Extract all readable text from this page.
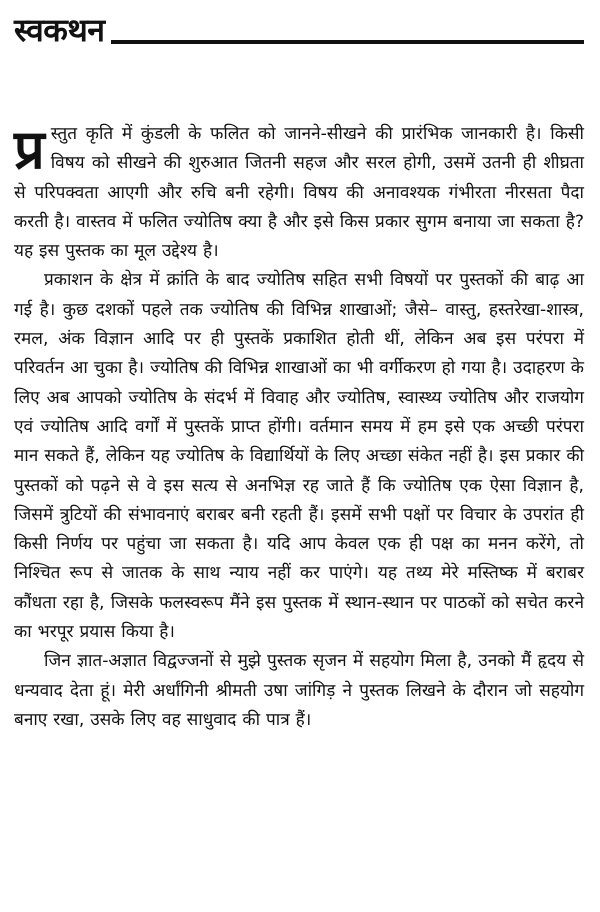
स्वकथन

प्र स्तुत कृति में कुंडली के फलित को जानने-सीखने की प्रारंभिक जानकारी है। किसी विषय को सीखने की शुरुआत जितनी सहज और सरल होगी, उसमें उतनी ही शीघ्रता से परिपक्वता आएगी और रुचि बनी रहेगी। विषय की अनावश्यक गंभीरता नीरसता पैदा करती है। वास्तव में फलित ज्योतिष क्या है और इसे किस प्रकार सुगम बनाया जा सकता है? यह इस पुस्तक का मूल उद्देश्य है।

प्रकाशन के क्षेत्र में क्रांति के बाद ज्योतिष सहित सभी विषयों पर पुस्तकों की बाढ़ आ गई है। कुछ दशकों पहले तक ज्योतिष की विभिन्न शाखाओं; जैसे– वास्तु, हस्तरेखा-शास्त्र, रमल, अंक विज्ञान आदि पर ही पुस्तकें प्रकाशित होती थीं, लेकिन अब इस परंपरा में परिवर्तन आ चुका है। ज्योतिष की विभिन्न शाखाओं का भी वर्गीकरण हो गया है। उदाहरण के लिए अब आपको ज्योतिष के संदर्भ में विवाह और ज्योतिष, स्वास्थ्य ज्योतिष और राजयोग एवं ज्योतिष आदि वर्गों में पुस्तकें प्राप्त होंगी। वर्तमान समय में हम इसे एक अच्छी परंपरा मान सकते हैं, लेकिन यह ज्योतिष के विद्यार्थियों के लिए अच्छा संकेत नहीं है। इस प्रकार की पुस्तकों को पढ़ने से वे इस सत्य से अनभिज्ञ रह जाते हैं कि ज्योतिष एक ऐसा विज्ञान है, जिसमें त्रुटियों की संभावनाएं बराबर बनी रहती हैं। इसमें सभी पक्षों पर विचार के उपरांत ही किसी निर्णय पर पहुंचा जा सकता है। यदि आप केवल एक ही पक्ष का मनन करेंगे, तो निश्चित रूप से जातक के साथ न्याय नहीं कर पाएंगे। यह तथ्य मेरे मस्तिष्क में बराबर कौंधता रहा है, जिसके फलस्वरूप मैंने इस पुस्तक में स्थान-स्थान पर पाठकों को सचेत करने का भरपूर प्रयास किया है।

जिन ज्ञात-अज्ञात विद्वज्जनों से मुझे पुस्तक सृजन में सहयोग मिला है, उनको मैं हृदय से धन्यवाद देता हूं। मेरी अर्धांगिनी श्रीमती उषा जांगिड़ ने पुस्तक लिखने के दौरान जो सहयोग बनाए रखा, उसके लिए वह साधुवाद की पात्र हैं।
